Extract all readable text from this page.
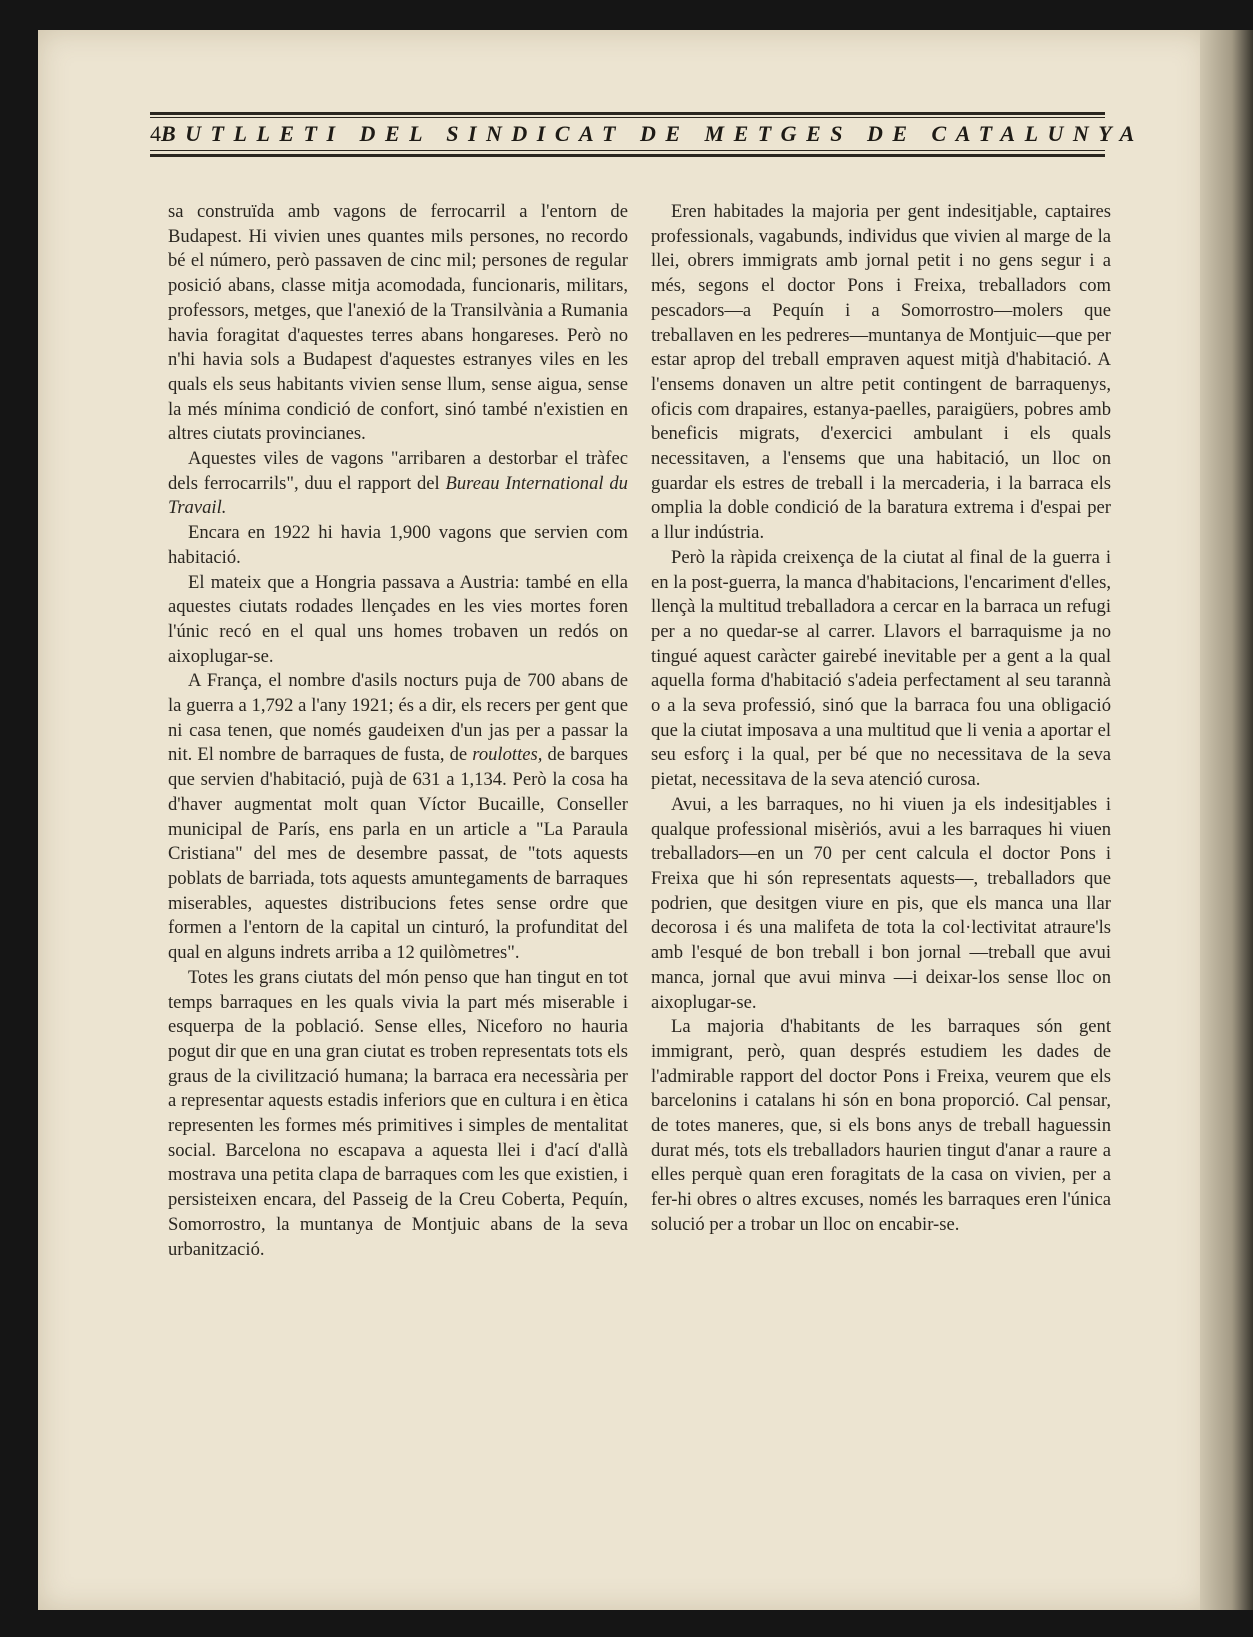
4 BUTLLETI DEL SINDICAT DE METGES DE CATALUNYA

sa construïda amb vagons de ferrocarril a l'entorn de Budapest. Hi vivien unes quantes mils persones, no recordo bé el número, però passaven de cinc mil; persones de regular posició abans, classe mitja acomodada, funcionaris, militars, professors, metges, que l'anexió de la Transilvània a Rumania havia foragitat d'aquestes terres abans hongareses. Però no n'hi havia sols a Budapest d'aquestes estranyes viles en les quals els seus habitants vivien sense llum, sense aigua, sense la més mínima condició de confort, sinó també n'existien en altres ciutats provincianes.

Aquestes viles de vagons "arribaren a destorbar el tràfec dels ferrocarrils", duu el rapport del Bureau International du Travail.

Encara en 1922 hi havia 1,900 vagons que servien com habitació.

El mateix que a Hongria passava a Austria: també en ella aquestes ciutats rodades llençades en les vies mortes foren l'únic recó en el qual uns homes trobaven un redós on aixoplugar-se.

A França, el nombre d'asils nocturs puja de 700 abans de la guerra a 1,792 a l'any 1921; és a dir, els recers per gent que ni casa tenen, que només gaudeixen d'un jas per a passar la nit. El nombre de barraques de fusta, de roulottes, de barques que servien d'habitació, pujà de 631 a 1,134. Però la cosa ha d'haver augmentat molt quan Víctor Bucaille, Conseller municipal de París, ens parla en un article a "La Paraula Cristiana" del mes de desembre passat, de "tots aquests poblats de barriada, tots aquests amuntegaments de barraques miserables, aquestes distribucions fetes sense ordre que formen a l'entorn de la capital un cinturó, la profunditat del qual en alguns indrets arriba a 12 quilòmetres".

Totes les grans ciutats del món penso que han tingut en tot temps barraques en les quals vivia la part més miserable i esquerpa de la població. Sense elles, Niceforo no hauria pogut dir que en una gran ciutat es troben representats tots els graus de la civilització humana; la barraca era necessària per a representar aquests estadis inferiors que en cultura i en ètica representen les formes més primitives i simples de mentalitat social. Barcelona no escapava a aquesta llei i d'ací d'allà mostrava una petita clapa de barraques com les que existien, i persisteixen encara, del Passeig de la Creu Coberta, Pequín, Somorrostro, la muntanya de Montjuic abans de la seva urbanització.

Eren habitades la majoria per gent indesitjable, captaires professionals, vagabunds, individus que vivien al marge de la llei, obrers immigrats amb jornal petit i no gens segur i a més, segons el doctor Pons i Freixa, treballadors com pescadors—a Pequín i a Somorrostro—molers que treballaven en les pedreres—muntanya de Montjuic—que per estar aprop del treball empraven aquest mitjà d'habitació. A l'ensems donaven un altre petit contingent de barraquenys, oficis com drapaires, estanya-paelles, paraigüers, pobres amb beneficis migrats, d'exercici ambulant i els quals necessitaven, a l'ensems que una habitació, un lloc on guardar els estres de treball i la mercaderia, i la barraca els omplia la doble condició de la baratura extrema i d'espai per a llur indústria.

Però la ràpida creixença de la ciutat al final de la guerra i en la post-guerra, la manca d'habitacions, l'encariment d'elles, llençà la multitud treballadora a cercar en la barraca un refugi per a no quedar-se al carrer. Llavors el barraquisme ja no tingué aquest caràcter gairebé inevitable per a gent a la qual aquella forma d'habitació s'adeia perfectament al seu tarannà o a la seva professió, sinó que la barraca fou una obligació que la ciutat imposava a una multitud que li venia a aportar el seu esforç i la qual, per bé que no necessitava de la seva pietat, necessitava de la seva atenció curosa.

Avui, a les barraques, no hi viuen ja els indesitjables i qualque professional misèriós, avui a les barraques hi viuen treballadors—en un 70 per cent calcula el doctor Pons i Freixa que hi són representats aquests—, treballadors que podrien, que desitgen viure en pis, que els manca una llar decorosa i és una malifeta de tota la col·lectivitat atraure'ls amb l'esqué de bon treball i bon jornal —treball que avui manca, jornal que avui minva —i deixar-los sense lloc on aixoplugar-se.

La majoria d'habitants de les barraques són gent immigrant, però, quan després estudiem les dades de l'admirable rapport del doctor Pons i Freixa, veurem que els barcelonins i catalans hi són en bona proporció. Cal pensar, de totes maneres, que, si els bons anys de treball haguessin durat més, tots els treballadors haurien tingut d'anar a raure a elles perquè quan eren foragitats de la casa on vivien, per a fer-hi obres o altres excuses, només les barraques eren l'única solució per a trobar un lloc on encabir-se.
